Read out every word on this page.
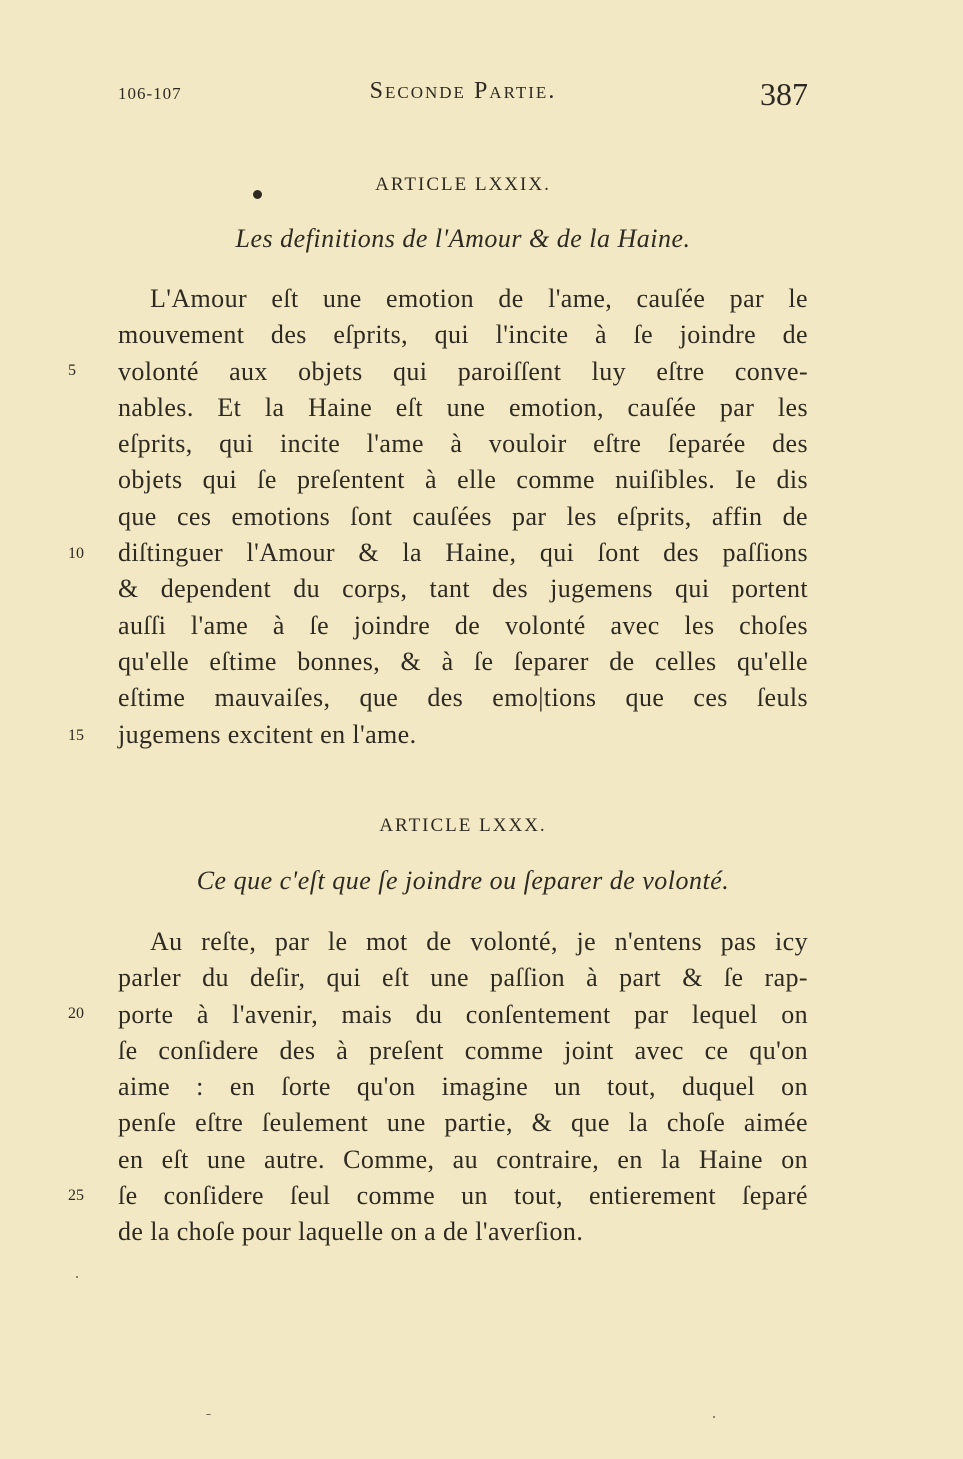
106-107	Seconde Partie.	387
ARTICLE LXXIX.
Les definitions de l'Amour & de la Haine.
L'Amour eſt une emotion de l'ame, cauſée par le
mouvement des eſprits, qui l'incite à ſe joindre de
volonté aux objets qui paroiſſent luy eſtre conve-
nables. Et la Haine eſt une emotion, cauſée par les
eſprits, qui incite l'ame à vouloir eſtre ſeparée des
objets qui ſe preſentent à elle comme nuiſibles. Ie dis
que ces emotions ſont cauſées par les eſprits, affin de
diſtinguer l'Amour & la Haine, qui ſont des paſſions
& dependent du corps, tant des jugemens qui portent
auſſi l'ame à ſe joindre de volonté avec les choſes
qu'elle eſtime bonnes, & à ſe ſeparer de celles qu'elle
eſtime mauvaiſes, que des emo|tions que ces ſeuls
jugemens excitent en l'ame.
5
10
15
ARTICLE LXXX.
Ce que c'eſt que ſe joindre ou ſeparer de volonté.
Au reſte, par le mot de volonté, je n'entens pas icy
parler du deſir, qui eſt une paſſion à part & ſe rap-
porte à l'avenir, mais du conſentement par lequel on
ſe conſidere des à preſent comme joint avec ce qu'on
aime : en ſorte qu'on imagine un tout, duquel on
penſe eſtre ſeulement une partie, & que la choſe aimée
en eſt une autre. Comme, au contraire, en la Haine on
ſe conſidere ſeul comme un tout, entierement ſeparé
de la choſe pour laquelle on a de l'averſion.
20
25
